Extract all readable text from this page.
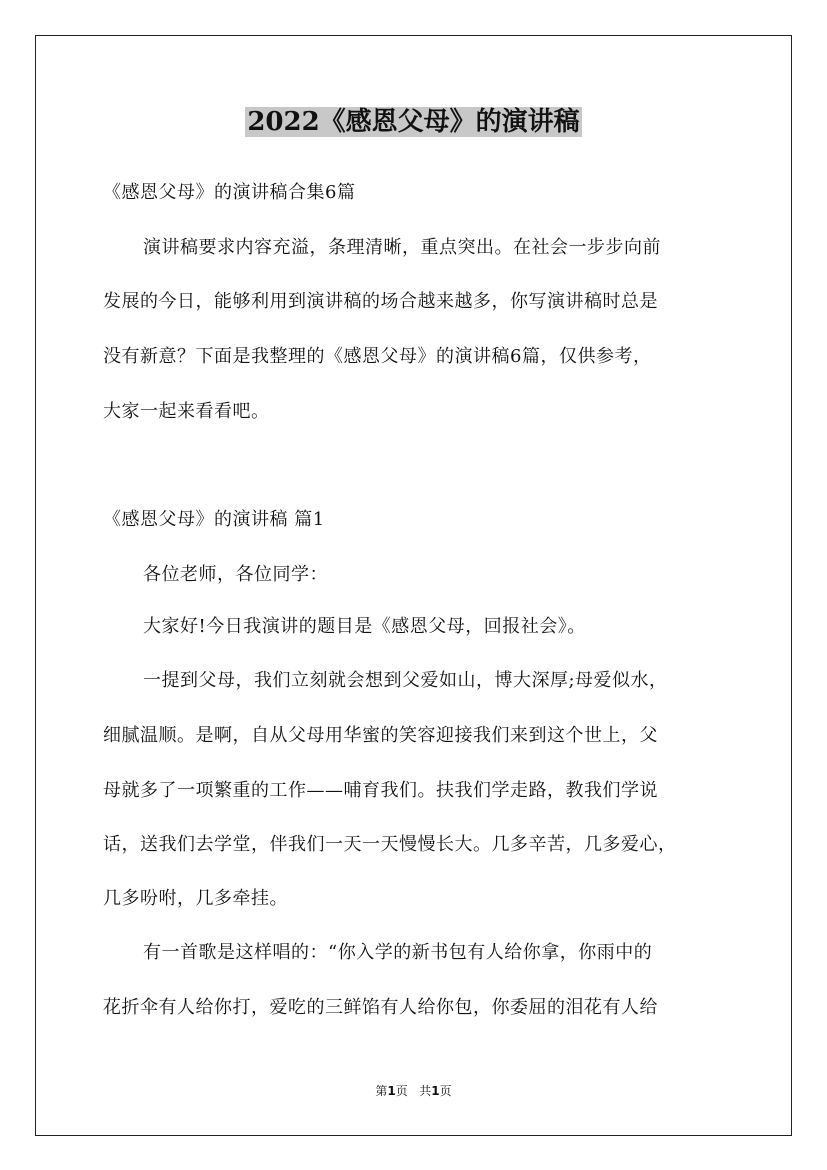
2022《感恩父母》的演讲稿
《感恩父母》的演讲稿合集6篇
演讲稿要求内容充溢，条理清晰，重点突出。在社会一步步向前
发展的今日，能够利用到演讲稿的场合越来越多，你写演讲稿时总是
没有新意？下面是我整理的《感恩父母》的演讲稿6篇，仅供参考，
大家一起来看看吧。
《感恩父母》的演讲稿 篇1
各位老师，各位同学：
大家好!今日我演讲的题目是《感恩父母，回报社会》。
一提到父母，我们立刻就会想到父爱如山，博大深厚;母爱似水，
细腻温顺。是啊，自从父母用华蜜的笑容迎接我们来到这个世上，父
母就多了一项繁重的工作——哺育我们。扶我们学走路，教我们学说
话，送我们去学堂，伴我们一天一天慢慢长大。几多辛苦，几多爱心，
几多吩咐，几多牵挂。
有一首歌是这样唱的：“你入学的新书包有人给你拿，你雨中的
花折伞有人给你打，爱吃的三鲜馅有人给你包，你委屈的泪花有人给
第1页 共1页
